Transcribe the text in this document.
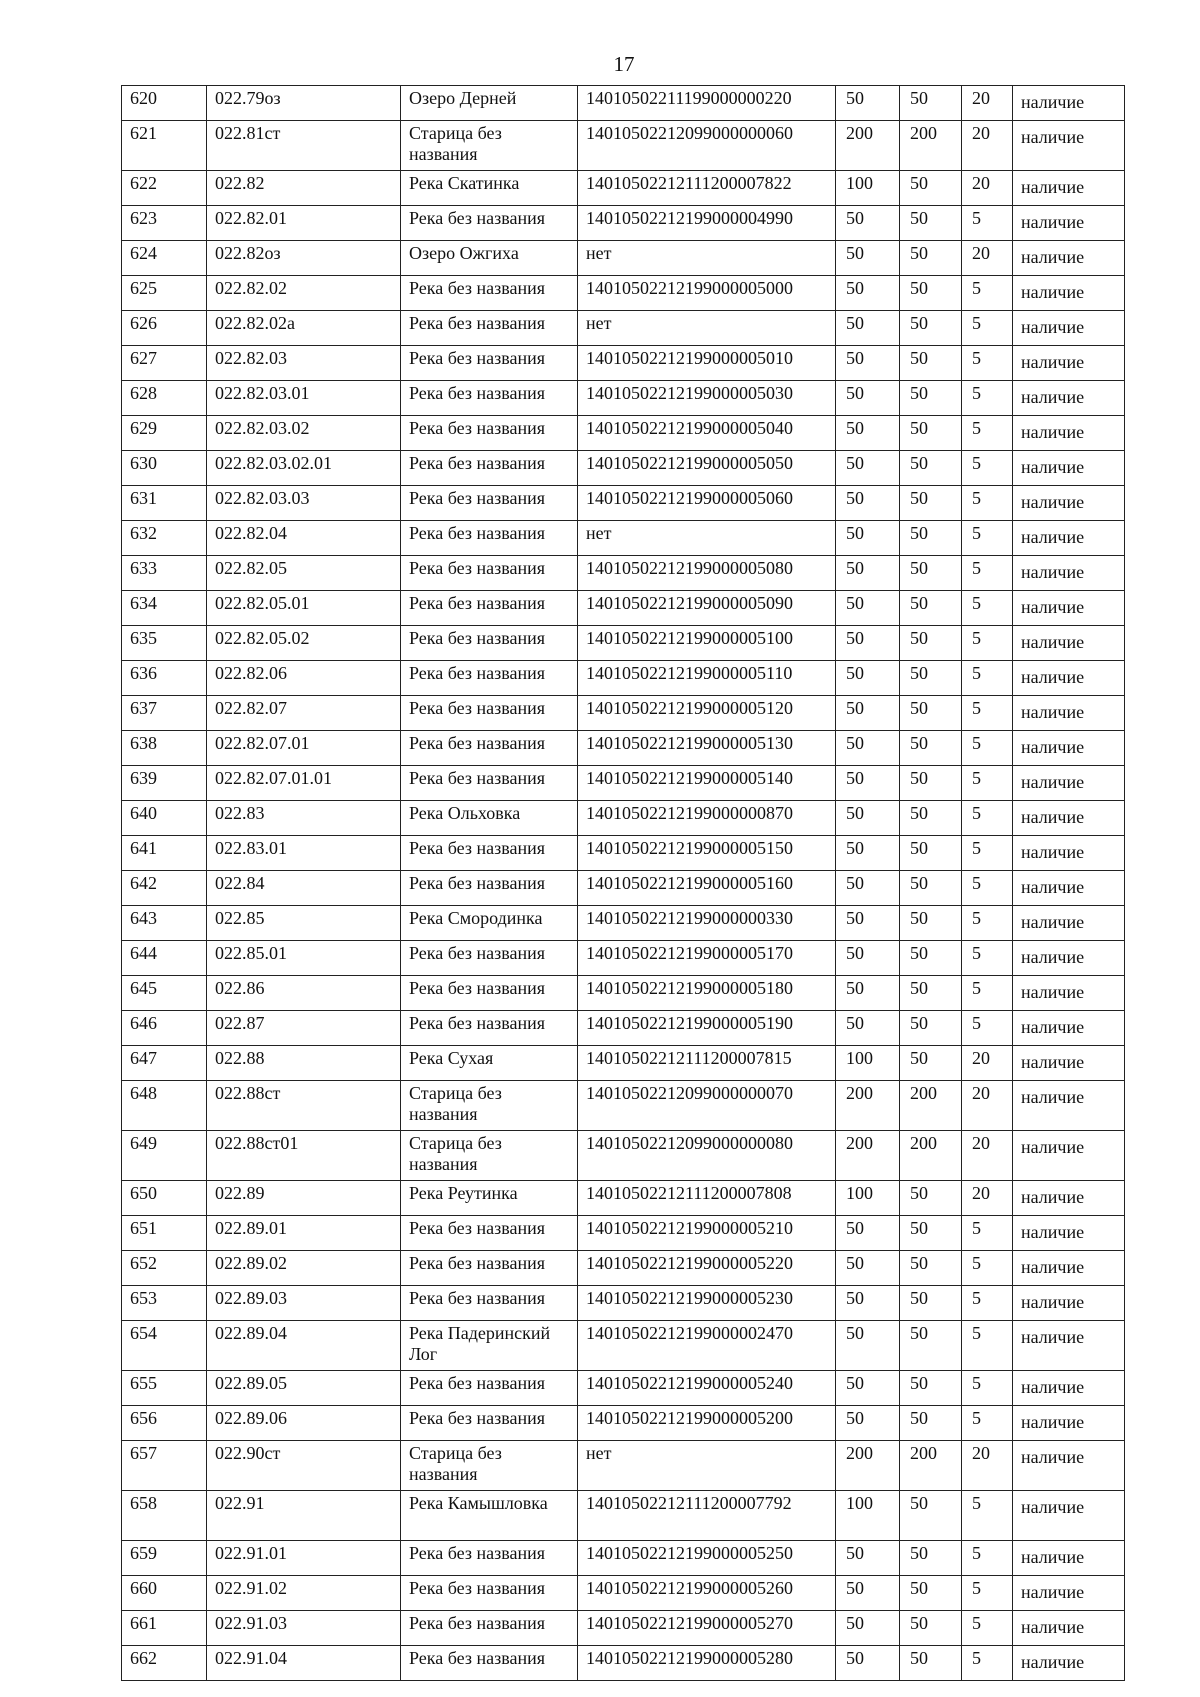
17
620	022.79оз	Озеро Дерней	14010502211199000000220	50	50	20	наличие
621	022.81ст	Старица без названия	14010502212099000000060	200	200	20	наличие
622	022.82	Река Скатинка	14010502212111200007822	100	50	20	наличие
623	022.82.01	Река без названия	14010502212199000004990	50	50	5	наличие
624	022.82оз	Озеро Ожгиха	нет	50	50	20	наличие
625	022.82.02	Река без названия	14010502212199000005000	50	50	5	наличие
626	022.82.02а	Река без названия	нет	50	50	5	наличие
627	022.82.03	Река без названия	14010502212199000005010	50	50	5	наличие
628	022.82.03.01	Река без названия	14010502212199000005030	50	50	5	наличие
629	022.82.03.02	Река без названия	14010502212199000005040	50	50	5	наличие
630	022.82.03.02.01	Река без названия	14010502212199000005050	50	50	5	наличие
631	022.82.03.03	Река без названия	14010502212199000005060	50	50	5	наличие
632	022.82.04	Река без названия	нет	50	50	5	наличие
633	022.82.05	Река без названия	14010502212199000005080	50	50	5	наличие
634	022.82.05.01	Река без названия	14010502212199000005090	50	50	5	наличие
635	022.82.05.02	Река без названия	14010502212199000005100	50	50	5	наличие
636	022.82.06	Река без названия	14010502212199000005110	50	50	5	наличие
637	022.82.07	Река без названия	14010502212199000005120	50	50	5	наличие
638	022.82.07.01	Река без названия	14010502212199000005130	50	50	5	наличие
639	022.82.07.01.01	Река без названия	14010502212199000005140	50	50	5	наличие
640	022.83	Река Ольховка	14010502212199000000870	50	50	5	наличие
641	022.83.01	Река без названия	14010502212199000005150	50	50	5	наличие
642	022.84	Река без названия	14010502212199000005160	50	50	5	наличие
643	022.85	Река Смородинка	14010502212199000000330	50	50	5	наличие
644	022.85.01	Река без названия	14010502212199000005170	50	50	5	наличие
645	022.86	Река без названия	14010502212199000005180	50	50	5	наличие
646	022.87	Река без названия	14010502212199000005190	50	50	5	наличие
647	022.88	Река Сухая	14010502212111200007815	100	50	20	наличие
648	022.88ст	Старица без названия	14010502212099000000070	200	200	20	наличие
649	022.88ст01	Старица без названия	14010502212099000000080	200	200	20	наличие
650	022.89	Река Реутинка	14010502212111200007808	100	50	20	наличие
651	022.89.01	Река без названия	14010502212199000005210	50	50	5	наличие
652	022.89.02	Река без названия	14010502212199000005220	50	50	5	наличие
653	022.89.03	Река без названия	14010502212199000005230	50	50	5	наличие
654	022.89.04	Река Падеринский Лог	14010502212199000002470	50	50	5	наличие
655	022.89.05	Река без названия	14010502212199000005240	50	50	5	наличие
656	022.89.06	Река без названия	14010502212199000005200	50	50	5	наличие
657	022.90ст	Старица без названия	нет	200	200	20	наличие
658	022.91	Река Камышловка	14010502212111200007792	100	50	5	наличие
659	022.91.01	Река без названия	14010502212199000005250	50	50	5	наличие
660	022.91.02	Река без названия	14010502212199000005260	50	50	5	наличие
661	022.91.03	Река без названия	14010502212199000005270	50	50	5	наличие
662	022.91.04	Река без названия	14010502212199000005280	50	50	5	наличие
